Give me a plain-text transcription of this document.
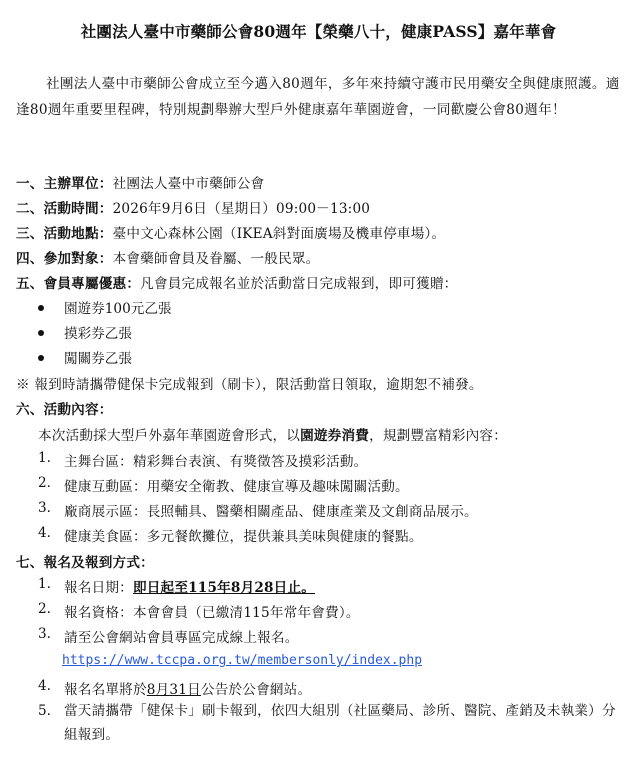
社團法人臺中市藥師公會80週年【榮藥八十，健康PASS】嘉年華會
社團法人臺中市藥師公會成立至今邁入80週年，多年來持續守護市民用藥安全與健康照護。適逢80週年重要里程碑，特別規劃舉辦大型戶外健康嘉年華園遊會，一同歡慶公會80週年！
一、主辦單位：社團法人臺中市藥師公會
二、活動時間：2026年9月6日（星期日）09:00－13:00
三、活動地點：臺中文心森林公園（IKEA斜對面廣場及機車停車場）。
四、參加對象：本會藥師會員及眷屬、一般民眾。
五、會員專屬優惠：凡會員完成報名並於活動當日完成報到，即可獲贈：
園遊券100元乙張
摸彩券乙張
闖關券乙張
※ 報到時請攜帶健保卡完成報到（刷卡），限活動當日領取，逾期恕不補發。
六、活動內容：
本次活動採大型戶外嘉年華園遊會形式，以園遊券消費，規劃豐富精彩內容：
1. 主舞台區：精彩舞台表演、有獎徵答及摸彩活動。
2. 健康互動區：用藥安全衛教、健康宣導及趣味闖關活動。
3. 廠商展示區：長照輔具、醫藥相關產品、健康產業及文創商品展示。
4. 健康美食區：多元餐飲攤位，提供兼具美味與健康的餐點。
七、報名及報到方式：
1. 報名日期：即日起至115年8月28日止。
2. 報名資格：本會會員（已繳清115年常年會費）。
3. 請至公會網站會員專區完成線上報名。
https://www.tccpa.org.tw/membersonly/index.php
4. 報名名單將於8月31日公告於公會網站。
5. 當天請攜帶「健保卡」刷卡報到，依四大組別（社區藥局、診所、醫院、產銷及未執業）分組報到。
